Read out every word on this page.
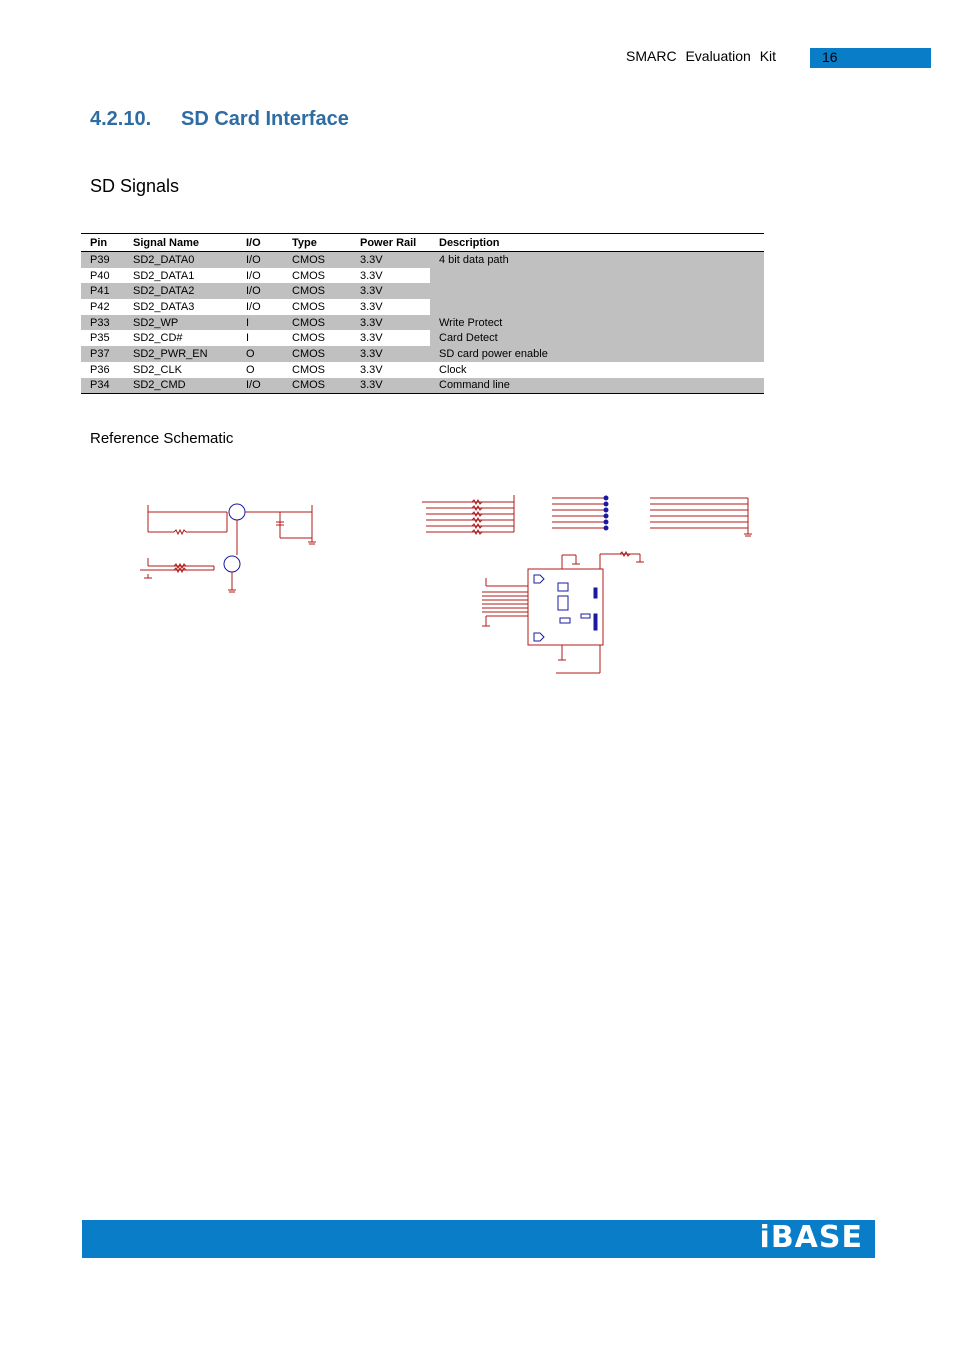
SMARC Evaluation Kit	16
4.2.10. SD Card Interface
SD Signals
Pin	Signal Name	I/O	Type	Power Rail	Description
P39	SD2_DATA0	I/O	CMOS	3.3V	4 bit data path
P40	SD2_DATA1	I/O	CMOS	3.3V	
P41	SD2_DATA2	I/O	CMOS	3.3V	
P42	SD2_DATA3	I/O	CMOS	3.3V	
P33	SD2_WP	I	CMOS	3.3V	Write Protect
P35	SD2_CD#	I	CMOS	3.3V	Card Detect
P37	SD2_PWR_EN	O	CMOS	3.3V	SD card power enable
P36	SD2_CLK	O	CMOS	3.3V	Clock
P34	SD2_CMD	I/O	CMOS	3.3V	Command line
Reference Schematic
iBASE
